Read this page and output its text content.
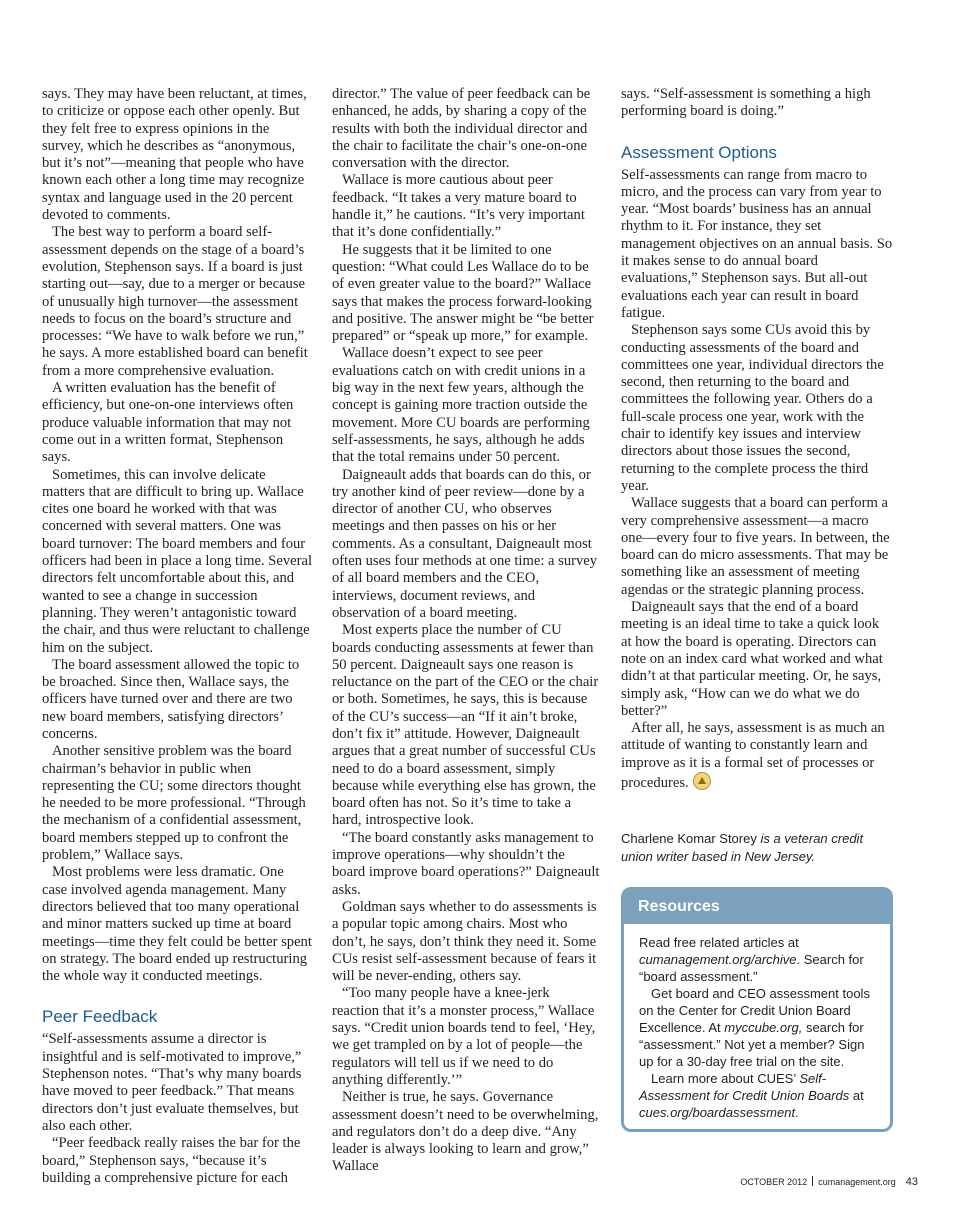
says. They may have been reluctant, at times, to criticize or oppose each other openly. But they felt free to express opinions in the survey, which he describes as “anonymous, but it’s not”—meaning that people who have known each other a long time may recognize syntax and language used in the 20 percent devoted to comments.

The best way to perform a board self-assessment depends on the stage of a board’s evolution, Stephenson says. If a board is just starting out—say, due to a merger or because of unusually high turnover—the assessment needs to focus on the board’s structure and processes: “We have to walk before we run,” he says. A more established board can benefit from a more comprehensive evaluation.

A written evaluation has the benefit of efficiency, but one-on-one interviews often produce valuable information that may not come out in a written format, Stephenson says.

Sometimes, this can involve delicate matters that are difficult to bring up. Wallace cites one board he worked with that was concerned with several matters. One was board turnover: The board members and four officers had been in place a long time. Several directors felt uncomfortable about this, and wanted to see a change in succession planning. They weren’t antagonistic toward the chair, and thus were reluctant to challenge him on the subject.

The board assessment allowed the topic to be broached. Since then, Wallace says, the officers have turned over and there are two new board members, satisfying directors’ concerns.

Another sensitive problem was the board chairman’s behavior in public when representing the CU; some directors thought he needed to be more professional. “Through the mechanism of a confidential assessment, board members stepped up to confront the problem,” Wallace says.

Most problems were less dramatic. One case involved agenda management. Many directors believed that too many operational and minor matters sucked up time at board meetings—time they felt could be better spent on strategy. The board ended up restructuring the whole way it conducted meetings.

Peer Feedback

“Self-assessments assume a director is insightful and is self-motivated to improve,” Stephenson notes. “That’s why many boards have moved to peer feedback.” That means directors don’t just evaluate themselves, but also each other.

“Peer feedback really raises the bar for the board,” Stephenson says, “because it’s building a comprehensive picture for each

director.” The value of peer feedback can be enhanced, he adds, by sharing a copy of the results with both the individual director and the chair to facilitate the chair’s one-on-one conversation with the director.

Wallace is more cautious about peer feedback. “It takes a very mature board to handle it,” he cautions. “It’s very important that it’s done confidentially.”

He suggests that it be limited to one question: “What could Les Wallace do to be of even greater value to the board?” Wallace says that makes the process forward-looking and positive. The answer might be “be better prepared” or “speak up more,” for example.

Wallace doesn’t expect to see peer evaluations catch on with credit unions in a big way in the next few years, although the concept is gaining more traction outside the movement. More CU boards are performing self-assessments, he says, although he adds that the total remains under 50 percent.

Daigneault adds that boards can do this, or try another kind of peer review—done by a director of another CU, who observes meetings and then passes on his or her comments. As a consultant, Daigneault most often uses four methods at one time: a survey of all board members and the CEO, interviews, document reviews, and observation of a board meeting.

Most experts place the number of CU boards conducting assessments at fewer than 50 percent. Daigneault says one reason is reluctance on the part of the CEO or the chair or both. Sometimes, he says, this is because of the CU’s success—an “If it ain’t broke, don’t fix it” attitude. However, Daigneault argues that a great number of successful CUs need to do a board assessment, simply because while everything else has grown, the board often has not. So it’s time to take a hard, introspective look.

“The board constantly asks management to improve operations—why shouldn’t the board improve board operations?” Daigneault asks.

Goldman says whether to do assessments is a popular topic among chairs. Most who don’t, he says, don’t think they need it. Some CUs resist self-assessment because of fears it will be never-ending, others say.

“Too many people have a knee-jerk reaction that it’s a monster process,” Wallace says. “Credit union boards tend to feel, ‘Hey, we get trampled on by a lot of people—the regulators will tell us if we need to do anything differently.’”

Neither is true, he says. Governance assessment doesn’t need to be overwhelming, and regulators don’t do a deep dive. “Any leader is always looking to learn and grow,” Wallace

says. “Self-assessment is something a high performing board is doing.”

Assessment Options

Self-assessments can range from macro to micro, and the process can vary from year to year. “Most boards’ business has an annual rhythm to it. For instance, they set management objectives on an annual basis. So it makes sense to do annual board evaluations,” Stephenson says. But all-out evaluations each year can result in board fatigue.

Stephenson says some CUs avoid this by conducting assessments of the board and committees one year, individual directors the second, then returning to the board and committees the following year. Others do a full-scale process one year, work with the chair to identify key issues and interview directors about those issues the second, returning to the complete process the third year.

Wallace suggests that a board can perform a very comprehensive assessment—a macro one—every four to five years. In between, the board can do micro assessments. That may be something like an assessment of meeting agendas or the strategic planning process.

Daigneault says that the end of a board meeting is an ideal time to take a quick look at how the board is operating. Directors can note on an index card what worked and what didn’t at that particular meeting. Or, he says, simply ask, “How can we do what we do better?”

After all, he says, assessment is as much an attitude of wanting to constantly learn and improve as it is a formal set of processes or procedures.

Charlene Komar Storey is a veteran credit union writer based in New Jersey.
Resources

Read free related articles at cumanagement.org/archive. Search for “board assessment.”

Get board and CEO assessment tools on the Center for Credit Union Board Excellence. At myccube.org, search for “assessment.” Not yet a member? Sign up for a 30-day free trial on the site.

Learn more about CUES’ Self-Assessment for Credit Union Boards at cues.org/boardassessment.

OCTOBER 2012 cumanagement.org 43
